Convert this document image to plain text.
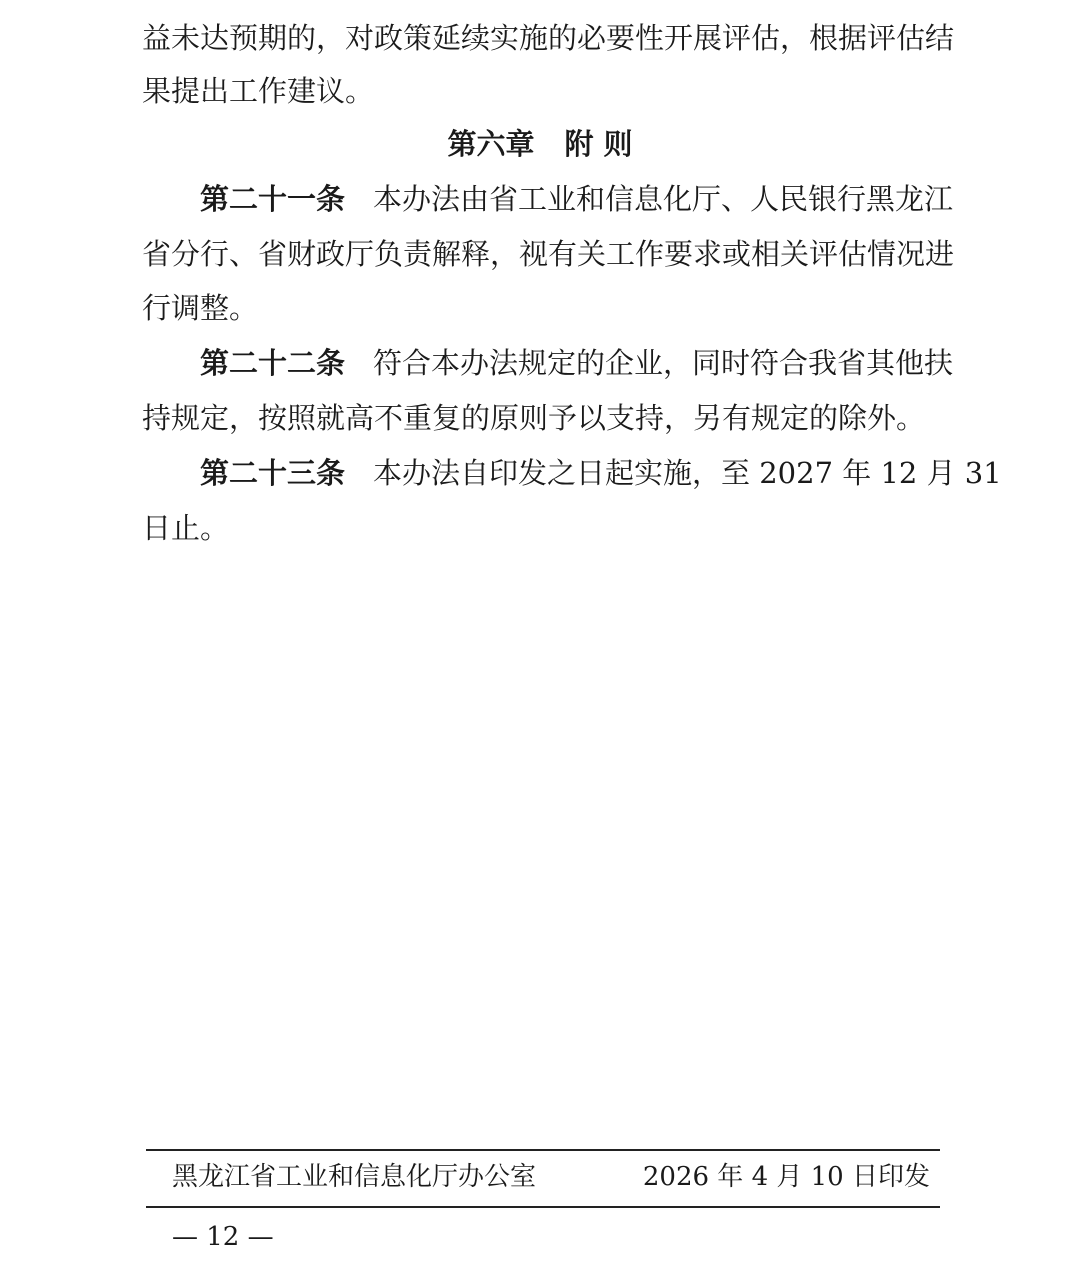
益未达预期的，对政策延续实施的必要性开展评估，根据评估结
果提出工作建议。
第六章 附 则
第二十一条 本办法由省工业和信息化厅、人民银行黑龙江
省分行、省财政厅负责解释，视有关工作要求或相关评估情况进
行调整。
第二十二条 符合本办法规定的企业，同时符合我省其他扶
持规定，按照就高不重复的原则予以支持，另有规定的除外。
第二十三条 本办法自印发之日起实施，至 2027 年 12 月 31
日止。
黑龙江省工业和信息化厅办公室	2026 年 4 月 10 日印发
— 12 —
